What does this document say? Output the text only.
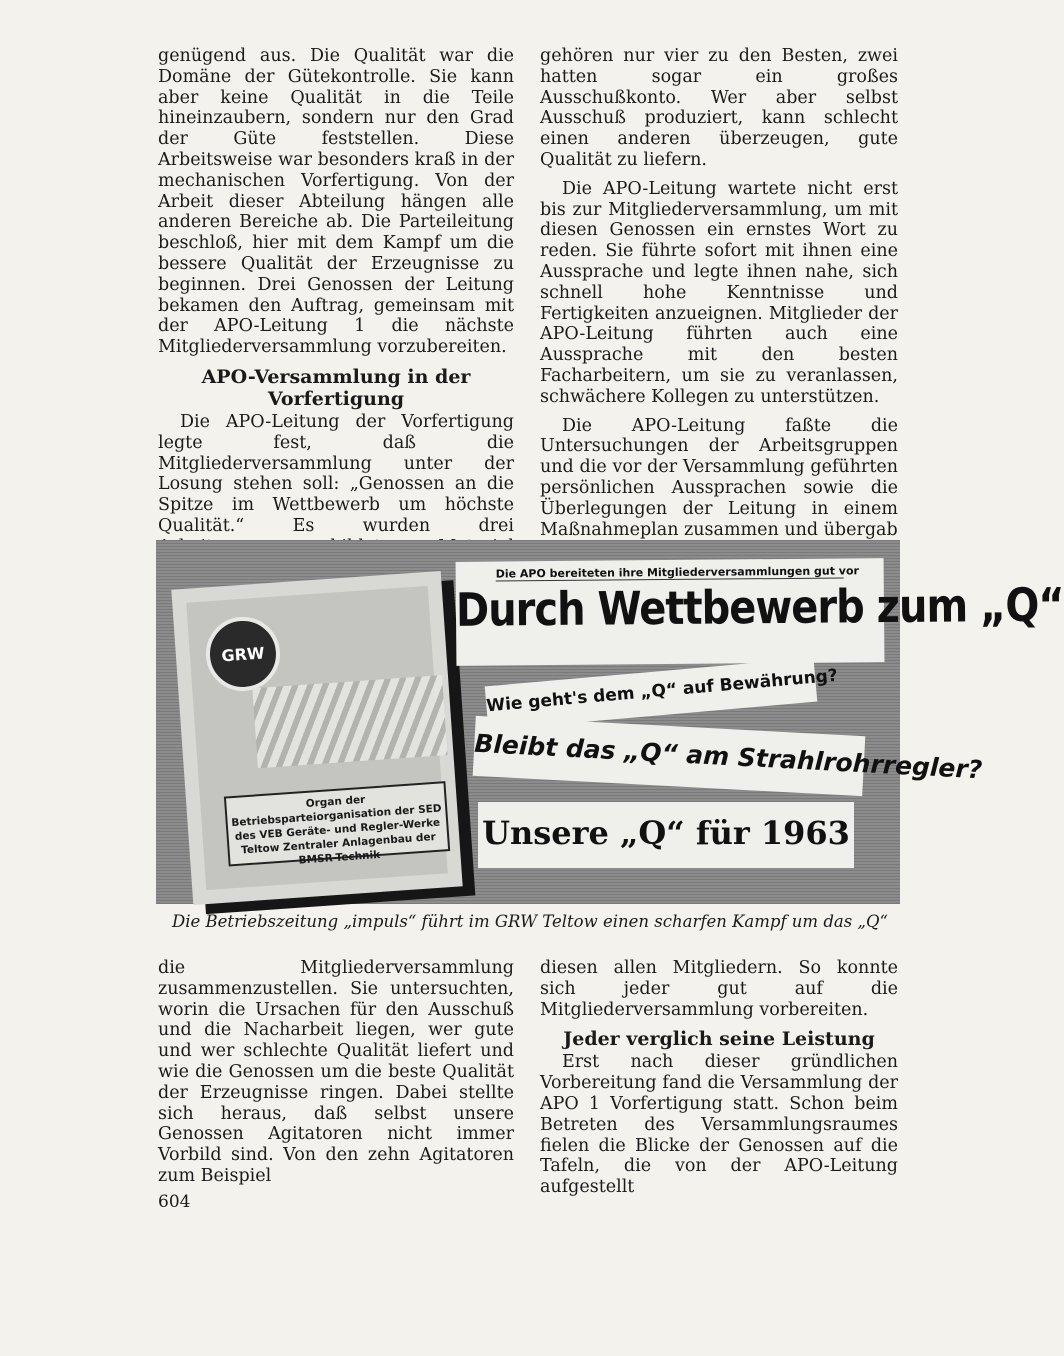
genügend aus. Die Qualität war die Domäne der Gütekontrolle. Sie kann aber keine Qualität in die Teile hineinzaubern, sondern nur den Grad der Güte feststellen. Diese Arbeitsweise war besonders kraß in der mechanischen Vorfertigung. Von der Arbeit dieser Abteilung hängen alle anderen Bereiche ab. Die Parteileitung beschloß, hier mit dem Kampf um die bessere Qualität der Erzeugnisse zu beginnen. Drei Genossen der Leitung bekamen den Auftrag, gemeinsam mit der APO-Leitung 1 die nächste Mitgliederversammlung vorzubereiten.

APO-Versammlung in der Vorfertigung

Die APO-Leitung der Vorfertigung legte fest, daß die Mitgliederversammlung unter der Losung stehen soll: „Genossen an die Spitze im Wettbewerb um höchste Qualität.“ Es wurden drei

gehören nur vier zu den Besten, zwei hatten sogar ein großes Ausschußkonto. Wer aber selbst Ausschuß produziert, kann schlecht einen anderen überzeugen, gute Qualität zu liefern.

Die APO-Leitung wartete nicht erst bis zur Mitgliederversammlung, um mit diesen Genossen ein ernstes Wort zu reden. Sie führte sofort mit ihnen eine Aussprache und legte ihnen nahe, sich schnell hohe Kenntnisse und Fertigkeiten anzueignen. Mitglieder der APO-Leitung führten auch eine Aussprache mit den besten Facharbeitern, um sie zu veranlassen, schwächere Kollegen zu unterstützen.

Die APO-Leitung faßte die Untersuchungen der Arbeitsgruppen und die vor der Versammlung geführten persönlichen Aussprachen sowie die Überlegungen der Leitung in einem Maßnahmeplan zusammen und übergab

GRW
Organ der Betriebsparteiorganisation der SED des VEB Geräte- und Regler-Werke Teltow Zentraler Anlagenbau der BMSR-Technik
Die APO bereiteten ihre Mitgliederversammlungen gut vor
Durch Wettbewerb zum „Q“
Wie geht's dem „Q“ auf Bewährung?
Bleibt das „Q“ am Strahlrohrregler?
Unsere „Q“ für 1963
Die Betriebszeitung „impuls“ führt im GRW Teltow einen scharfen Kampf um das „Q“

die Mitgliederversammlung zusammenzustellen. Sie untersuchten, worin die Ursachen für den Ausschuß und die Nacharbeit liegen, wer gute und wer schlechte Qualität liefert und wie die Genossen um die beste Qualität der Erzeugnisse ringen. Dabei stellte sich heraus, daß selbst unsere Genossen Agitatoren nicht immer Vorbild sind. Von den zehn Agitatoren zum Beispiel

diesen allen Mitgliedern. So konnte sich jeder gut auf die Mitgliederversammlung vorbereiten.

Jeder verglich seine Leistung

Erst nach dieser gründlichen Vorbereitung fand die Versammlung der APO 1 Vorfertigung statt. Schon beim Betreten des Versammlungsraumes fielen die Blicke der Genossen auf die Tafeln, die von der APO-Leitung aufgestellt

604
